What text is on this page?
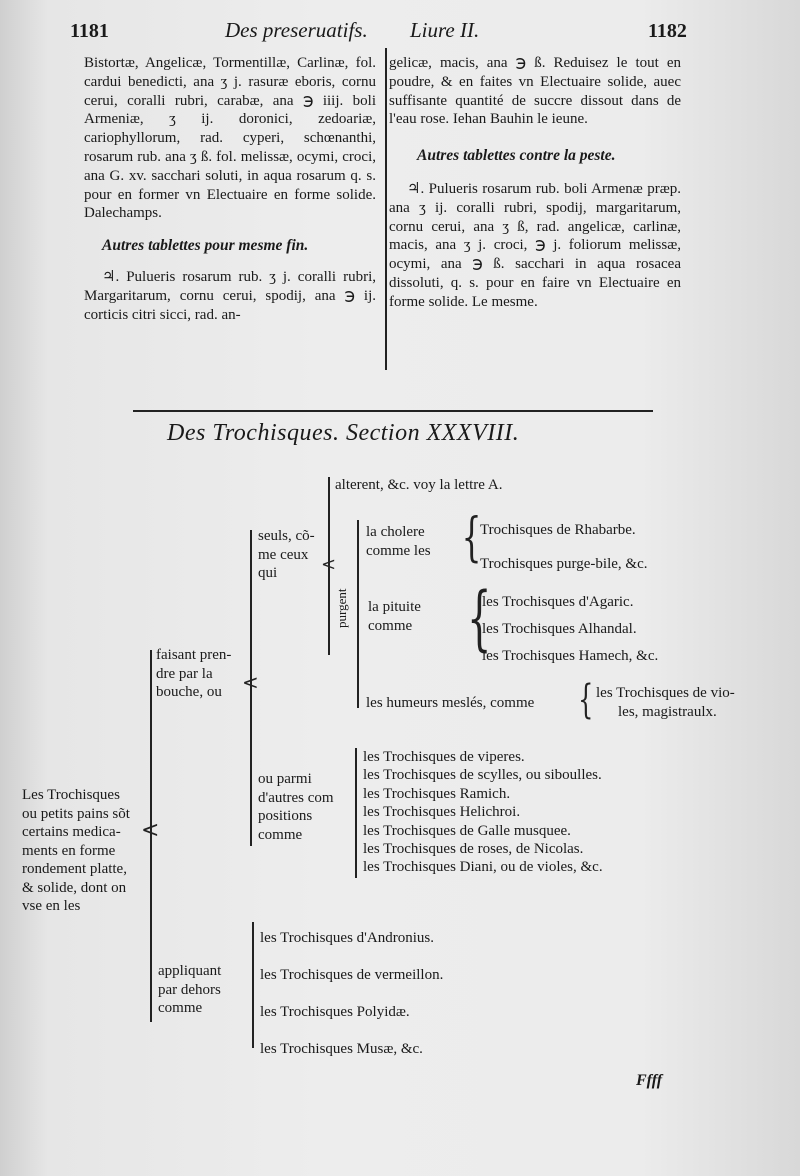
1181	Des preseruatifs. Liure II.	1182

Bistortæ, Angelicæ, Tormentillæ, Carlinæ, fol. cardui benedicti, ana ʒ j. rasuræ eboris, cornu cerui, coralli rubri, carabæ, ana ℈ iiij. boli Armeniæ, ʒ ij. doronici, zedoariæ, cariophyllorum, rad. cyperi, schœnanthi, rosarum rub. ana ʒ ß. fol. melissæ, ocymi, croci, ana G. xv. sacchari soluti, in aqua rosarum q. s. pour en former vn Electuaire en forme solide. Dalechamps.

Autres tablettes pour mesme fin.

♃. Pulueris rosarum rub. ʒ j. coralli rubri, Margaritarum, cornu cerui, spodij, ana ℈ ij. corticis citri sicci, rad. an-

gelicæ, macis, ana ℈ ß. Reduisez le tout en poudre, & en faites vn Electuaire solide, auec suffisante quantité de succre dissout dans de l'eau rose. Iehan Bauhin le ieune.

Autres tablettes contre la peste.

♃. Pulueris rosarum rub. boli Armenæ præp. ana ʒ ij. coralli rubri, spodij, margaritarum, cornu cerui, ana ʒ ß, rad. angelicæ, carlinæ, macis, ana ʒ j. croci, ℈ j. foliorum melissæ, ocymi, ana ℈ ß. sacchari in aqua rosacea dissoluti, q. s. pour en faire vn Electuaire en forme solide. Le mesme.

Des Trochisques. Section XXXVIII.
Les Trochisques
ou petits pains sõt
certains medica-
ments en forme
rondement platte,
& solide, dont on
vse en les
<
faisant pren-
dre par la
bouche, ou	<
seuls, cõ-
me ceux
qui	<
alterent, &c. voy la lettre A.
purgent
la cholere
comme les {
Trochisques de Rhabarbe.
Trochisques purge-bile, &c.
la pituite
comme {
les Trochisques d'Agaric.
les Trochisques Alhandal.
les Trochisques Hamech, &c.
les humeurs meslés, comme { les Trochisques de vio-
les, magistraulx.
ou parmi
d'autres com
positions
comme
les Trochisques de viperes.
les Trochisques de scylles, ou siboulles.
les Trochisques Ramich.
les Trochisques Helichroi.
les Trochisques de Galle musquee.
les Trochisques de roses, de Nicolas.
les Trochisques Diani, ou de violes, &c.
appliquant
par dehors
comme
les Trochisques d'Andronius.
les Trochisques de vermeillon.
les Trochisques Polyidæ.
les Trochisques Musæ, &c.
Ffff
